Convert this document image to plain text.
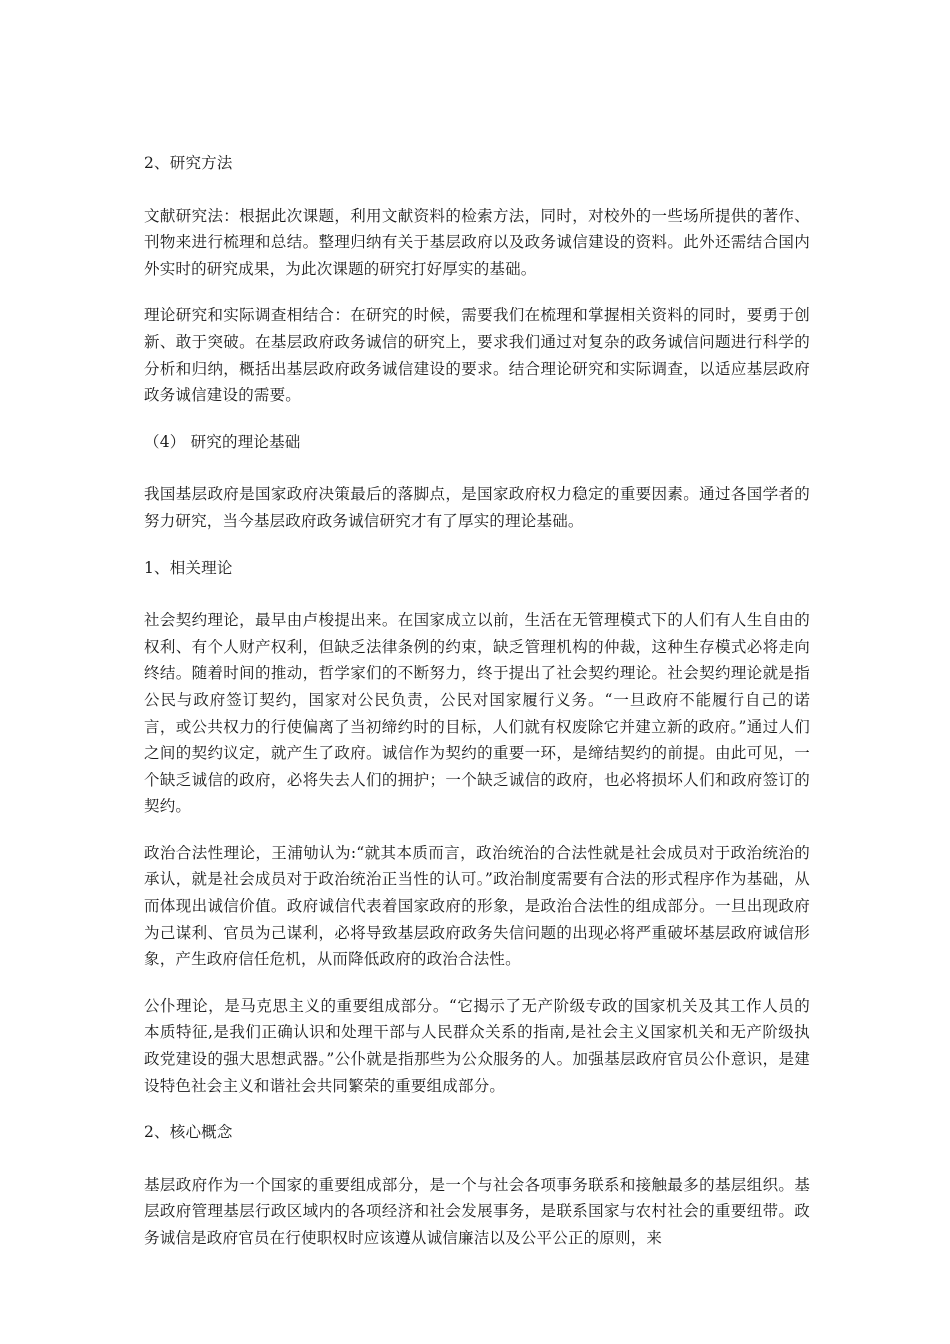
2、研究方法

文献研究法：根据此次课题，利用文献资料的检索方法，同时，对校外的一些场所提供的著作、刊物来进行梳理和总结。整理归纳有关于基层政府以及政务诚信建设的资料。此外还需结合国内外实时的研究成果，为此次课题的研究打好厚实的基础。

理论研究和实际调查相结合：在研究的时候，需要我们在梳理和掌握相关资料的同时，要勇于创新、敢于突破。在基层政府政务诚信的研究上，要求我们通过对复杂的政务诚信问题进行科学的分析和归纳，概括出基层政府政务诚信建设的要求。结合理论研究和实际调查，以适应基层政府政务诚信建设的需要。

（4） 研究的理论基础

我国基层政府是国家政府决策最后的落脚点，是国家政府权力稳定的重要因素。通过各国学者的努力研究，当今基层政府政务诚信研究才有了厚实的理论基础。

1、相关理论

社会契约理论，最早由卢梭提出来。在国家成立以前，生活在无管理模式下的人们有人生自由的权利、有个人财产权利，但缺乏法律条例的约束，缺乏管理机构的仲裁，这种生存模式必将走向终结。随着时间的推动，哲学家们的不断努力，终于提出了社会契约理论。社会契约理论就是指公民与政府签订契约，国家对公民负责，公民对国家履行义务。“一旦政府不能履行自己的诺言，或公共权力的行使偏离了当初缔约时的目标，人们就有权废除它并建立新的政府。”通过人们之间的契约议定，就产生了政府。诚信作为契约的重要一环，是缔结契约的前提。由此可见，一个缺乏诚信的政府，必将失去人们的拥护；一个缺乏诚信的政府，也必将损坏人们和政府签订的契约。

政治合法性理论，王浦劬认为:“就其本质而言，政治统治的合法性就是社会成员对于政治统治的承认，就是社会成员对于政治统治正当性的认可。”政治制度需要有合法的形式程序作为基础，从而体现出诚信价值。政府诚信代表着国家政府的形象，是政治合法性的组成部分。一旦出现政府为己谋利、官员为己谋利，必将导致基层政府政务失信问题的出现必将严重破坏基层政府诚信形象，产生政府信任危机，从而降低政府的政治合法性。

公仆理论，是马克思主义的重要组成部分。“它揭示了无产阶级专政的国家机关及其工作人员的本质特征,是我们正确认识和处理干部与人民群众关系的指南,是社会主义国家机关和无产阶级执政党建设的强大思想武器。”公仆就是指那些为公众服务的人。加强基层政府官员公仆意识，是建设特色社会主义和谐社会共同繁荣的重要组成部分。

2、核心概念

基层政府作为一个国家的重要组成部分，是一个与社会各项事务联系和接触最多的基层组织。基层政府管理基层行政区域内的各项经济和社会发展事务，是联系国家与农村社会的重要纽带。政务诚信是政府官员在行使职权时应该遵从诚信廉洁以及公平公正的原则，来
